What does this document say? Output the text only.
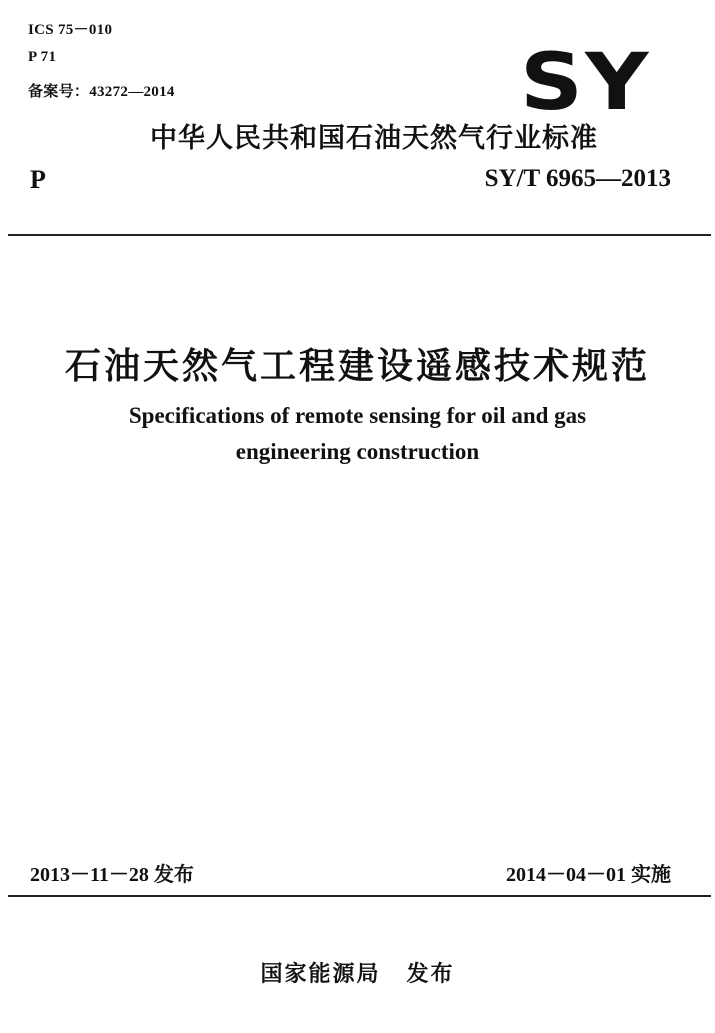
ICS 75－010
P 71
备案号：43272—2014	SY
中华人民共和国石油天然气行业标准
P	SY/T 6965—2013
石油天然气工程建设遥感技术规范
Specifications of remote sensing for oil and gas
engineering construction
2013－11－28 发布	2014－04－01 实施
国家能源局 发布
